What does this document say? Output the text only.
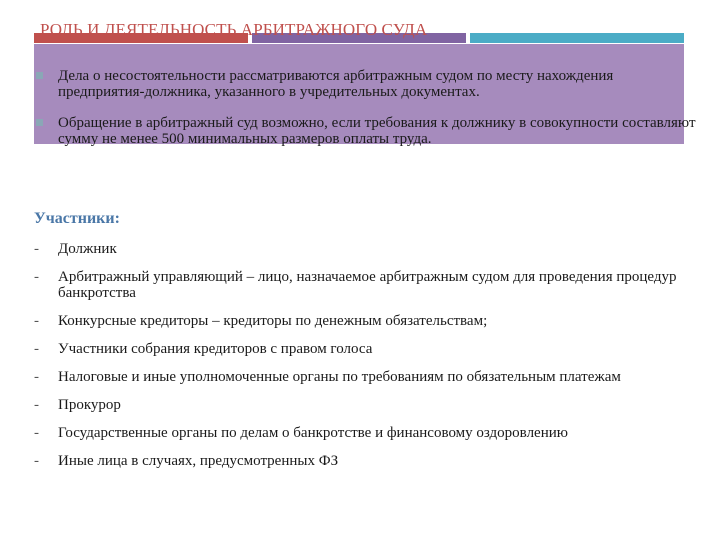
РОЛЬ И ДЕЯТЕЛЬНОСТЬ АРБИТРАЖНОГО СУДА
Дела о несостоятельности рассматриваются арбитражным судом по месту нахождения предприятия-должника, указанного в учредительных документах.
Обращение в арбитражный суд возможно, если требования к должнику в совокупности составляют сумму не менее 500 минимальных размеров оплаты труда.
Участники:
- Должник
- Арбитражный управляющий – лицо, назначаемое арбитражным судом для проведения процедур банкротства
- Конкурсные кредиторы – кредиторы по денежным обязательствам;
- Участники собрания кредиторов с правом голоса
- Налоговые и иные уполномоченные органы по требованиям по обязательным платежам
- Прокурор
- Государственные органы по делам о банкротстве и финансовому оздоровлению
- Иные лица в случаях, предусмотренных ФЗ
